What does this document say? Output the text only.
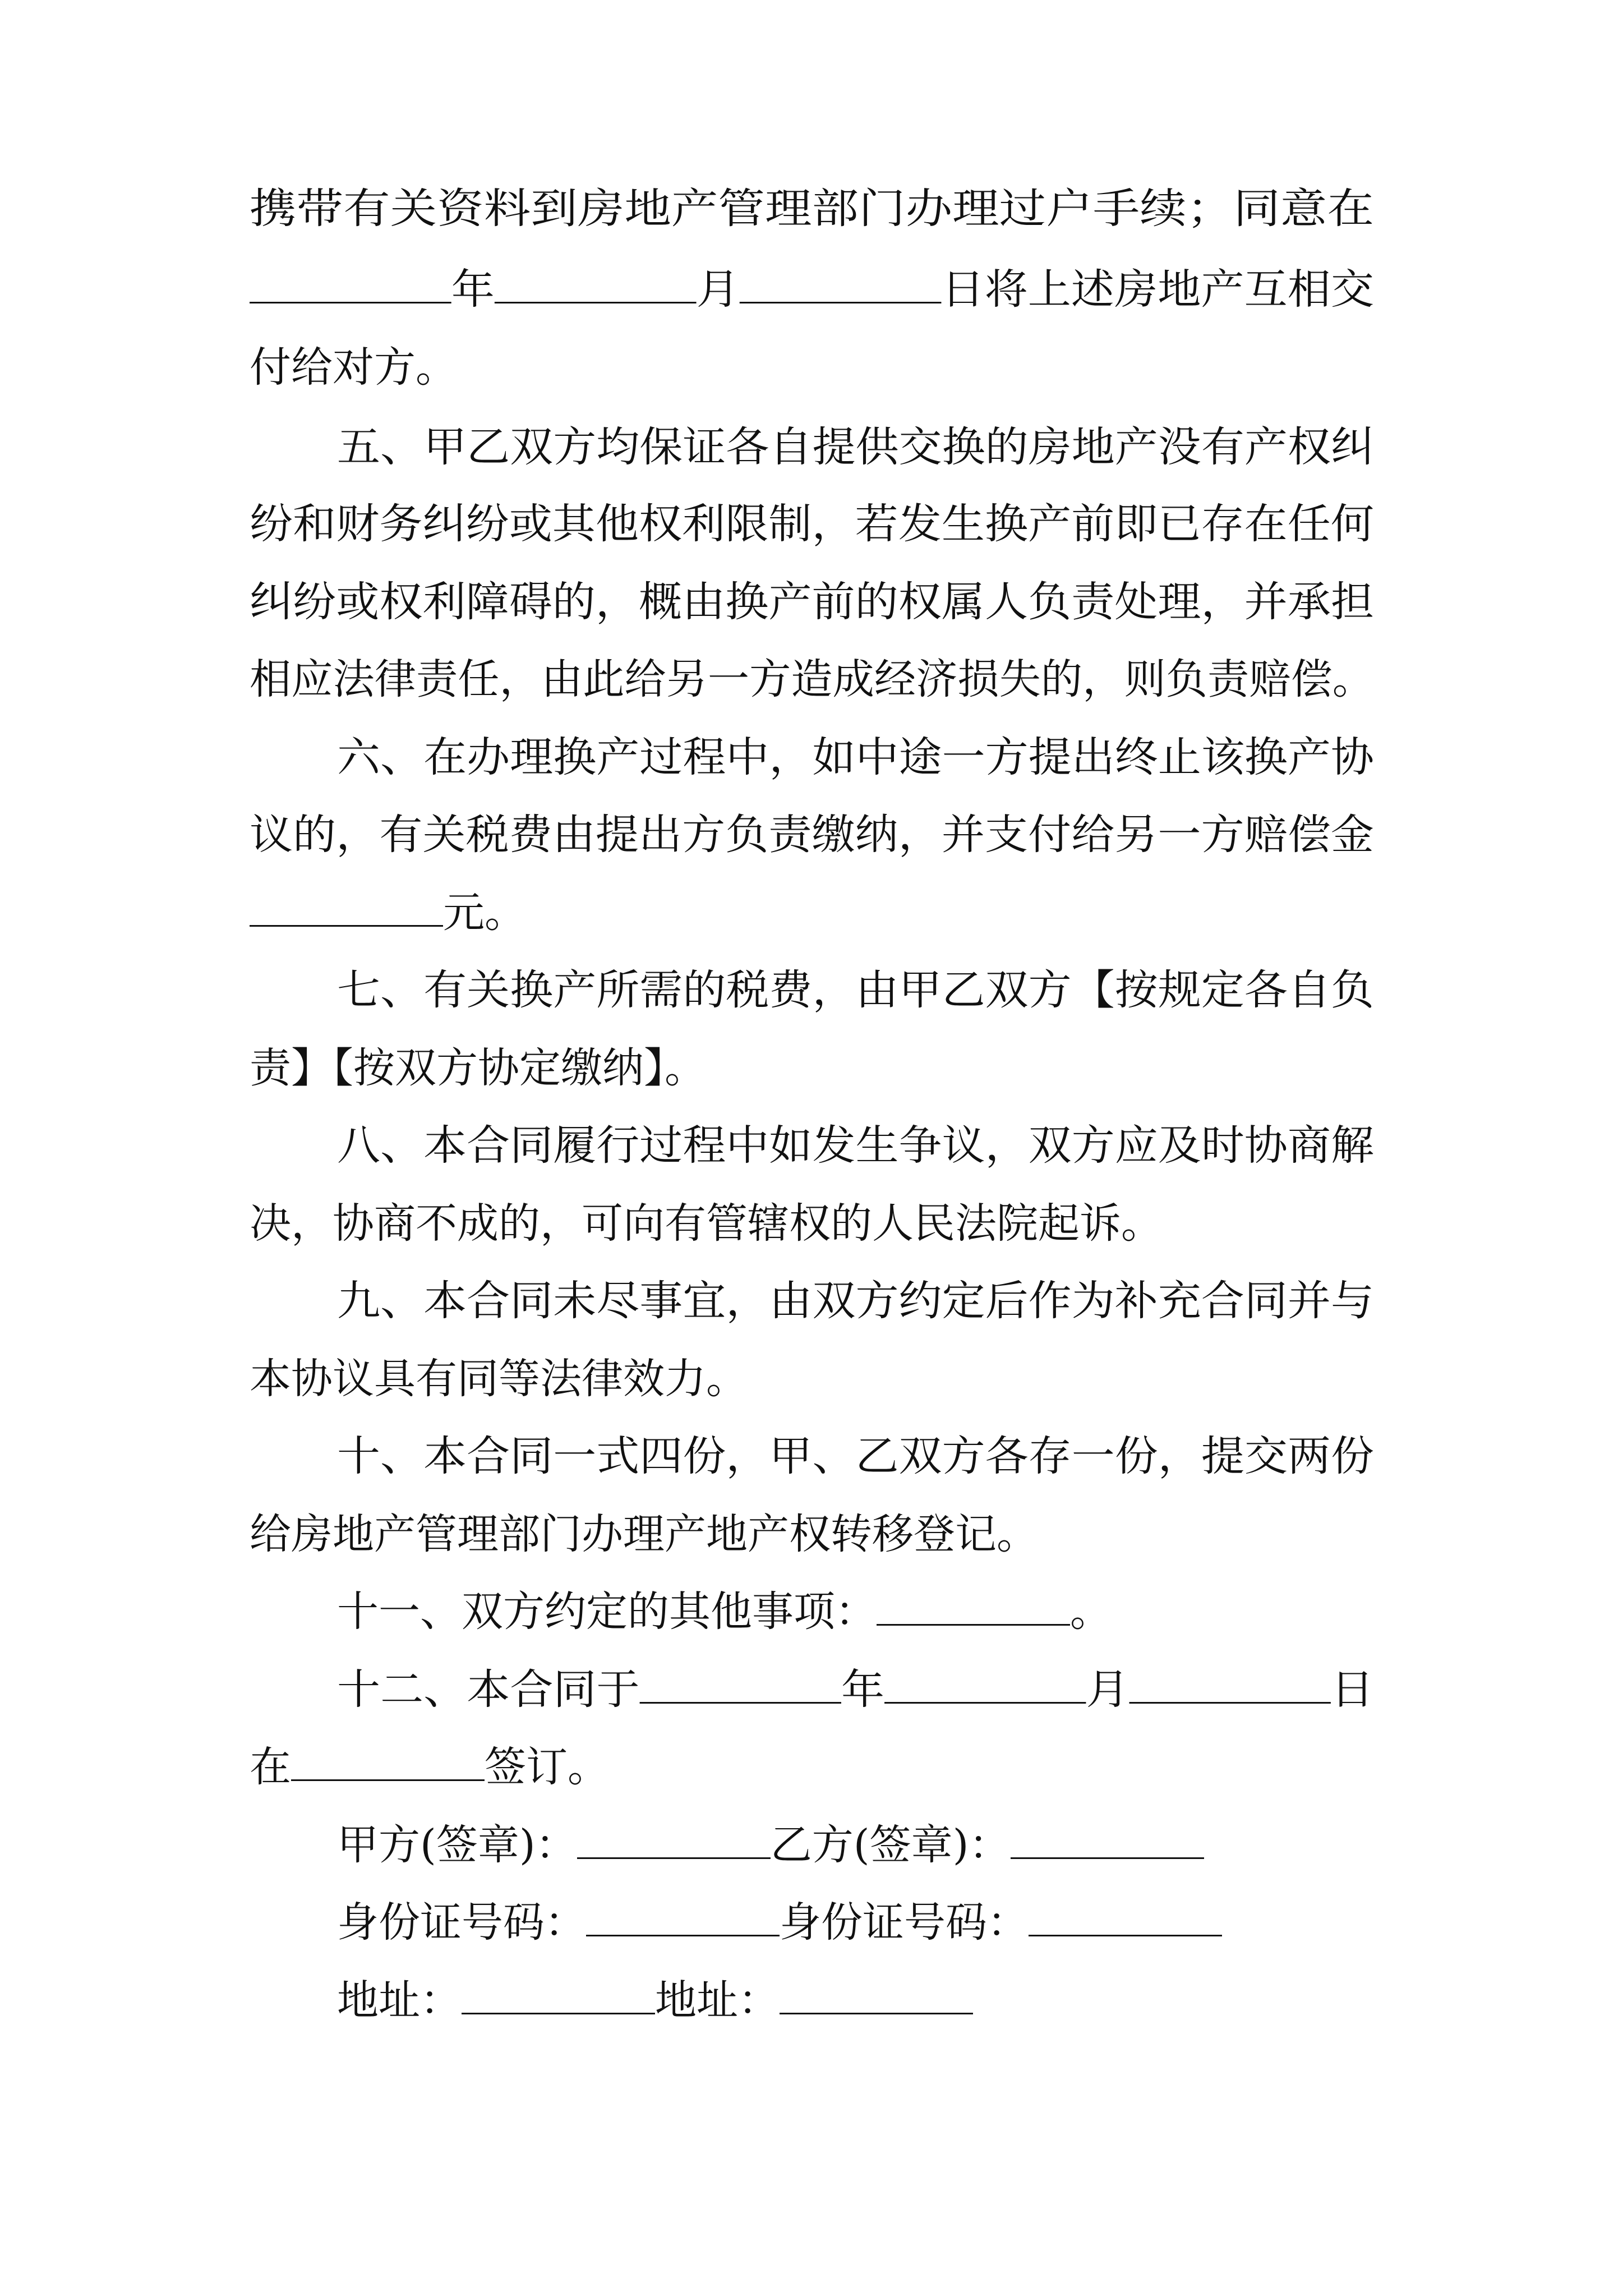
携带有关资料到房地产管理部门办理过户手续；同意在
年	月	日将上述房地产互相交
付给对方。
五、甲乙双方均保证各自提供交换的房地产没有产权纠
纷和财务纠纷或其他权利限制，若发生换产前即已存在任何
纠纷或权利障碍的，概由换产前的权属人负责处理，并承担
相应法律责任，由此给另一方造成经济损失的，则负责赔偿。
六、在办理换产过程中，如中途一方提出终止该换产协
议的，有关税费由提出方负责缴纳，并支付给另一方赔偿金
元。
七、有关换产所需的税费，由甲乙双方【按规定各自负
责】【按双方协定缴纳】。
八、本合同履行过程中如发生争议，双方应及时协商解
决，协商不成的，可向有管辖权的人民法院起诉。
九、本合同未尽事宜，由双方约定后作为补充合同并与
本协议具有同等法律效力。
十、本合同一式四份，甲、乙双方各存一份，提交两份
给房地产管理部门办理产地产权转移登记。
十一、双方约定的其他事项：	。
十二、本合同于	年	月	日
在	签订。
甲方(签章)：	乙方(签章)：
身份证号码：	身份证号码：
地址：	地址：
